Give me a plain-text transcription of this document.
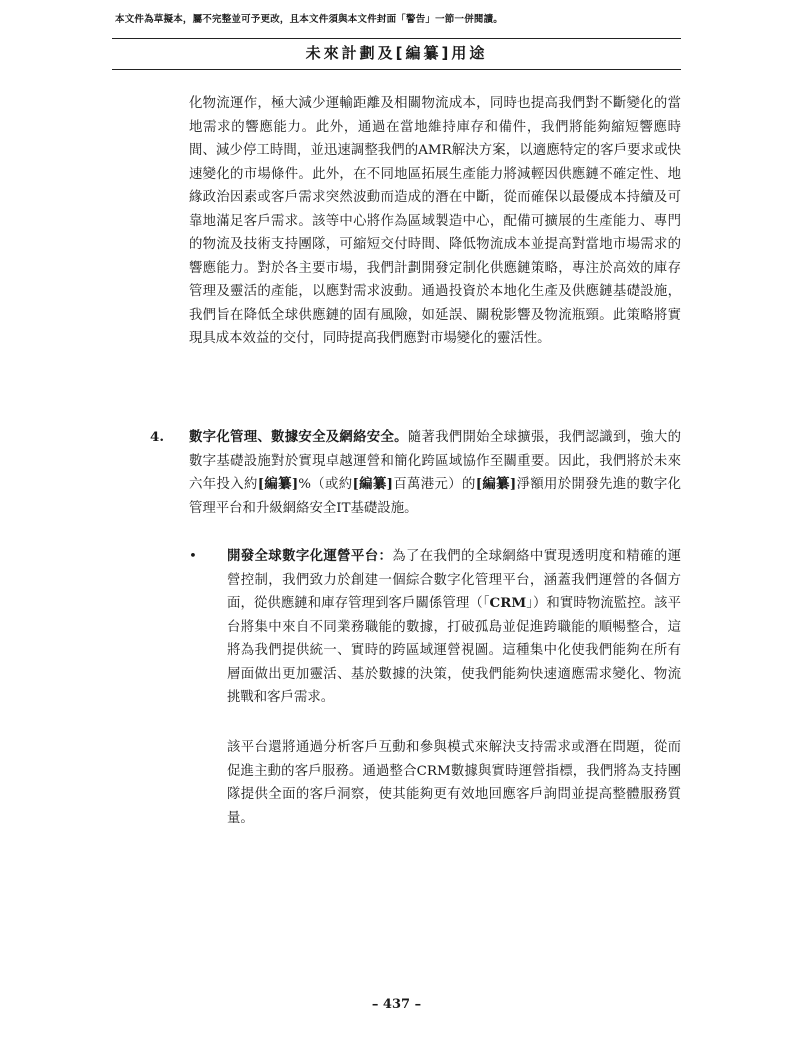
本文件為草擬本，屬不完整並可予更改，且本文件須與本文件封面「警告」一節一併閱讀。
未來計劃及[編纂]用途
化物流運作，極大減少運輸距離及相關物流成本，同時也提高我們對不斷變化的當地需求的響應能力。此外，通過在當地維持庫存和備件，我們將能夠縮短響應時間、減少停工時間，並迅速調整我們的AMR解決方案，以適應特定的客戶要求或快速變化的市場條件。此外，在不同地區拓展生產能力將減輕因供應鏈不確定性、地緣政治因素或客戶需求突然波動而造成的潛在中斷，從而確保以最優成本持續及可靠地滿足客戶需求。該等中心將作為區域製造中心，配備可擴展的生產能力、專門的物流及技術支持團隊，可縮短交付時間、降低物流成本並提高對當地市場需求的響應能力。對於各主要市場，我們計劃開發定制化供應鏈策略，專注於高效的庫存管理及靈活的產能，以應對需求波動。通過投資於本地化生產及供應鏈基礎設施，我們旨在降低全球供應鏈的固有風險，如延誤、關稅影響及物流瓶頸。此策略將實現具成本效益的交付，同時提高我們應對市場變化的靈活性。
4. 數字化管理、數據安全及網絡安全。隨著我們開始全球擴張，我們認識到，強大的數字基礎設施對於實現卓越運營和簡化跨區域協作至關重要。因此，我們將於未來六年投入約[編纂]%（或約[編纂]百萬港元）的[編纂]淨額用於開發先進的數字化管理平台和升級網絡安全IT基礎設施。
• 開發全球數字化運營平台：為了在我們的全球網絡中實現透明度和精確的運營控制，我們致力於創建一個綜合數字化管理平台，涵蓋我們運營的各個方面，從供應鏈和庫存管理到客戶關係管理（「CRM」）和實時物流監控。該平台將集中來自不同業務職能的數據，打破孤島並促進跨職能的順暢整合，這將為我們提供統一、實時的跨區域運營視圖。這種集中化使我們能夠在所有層面做出更加靈活、基於數據的決策，使我們能夠快速適應需求變化、物流挑戰和客戶需求。
該平台還將通過分析客戶互動和參與模式來解決支持需求或潛在問題，從而促進主動的客戶服務。通過整合CRM數據與實時運營指標，我們將為支持團隊提供全面的客戶洞察，使其能夠更有效地回應客戶詢問並提高整體服務質量。
– 437 –
